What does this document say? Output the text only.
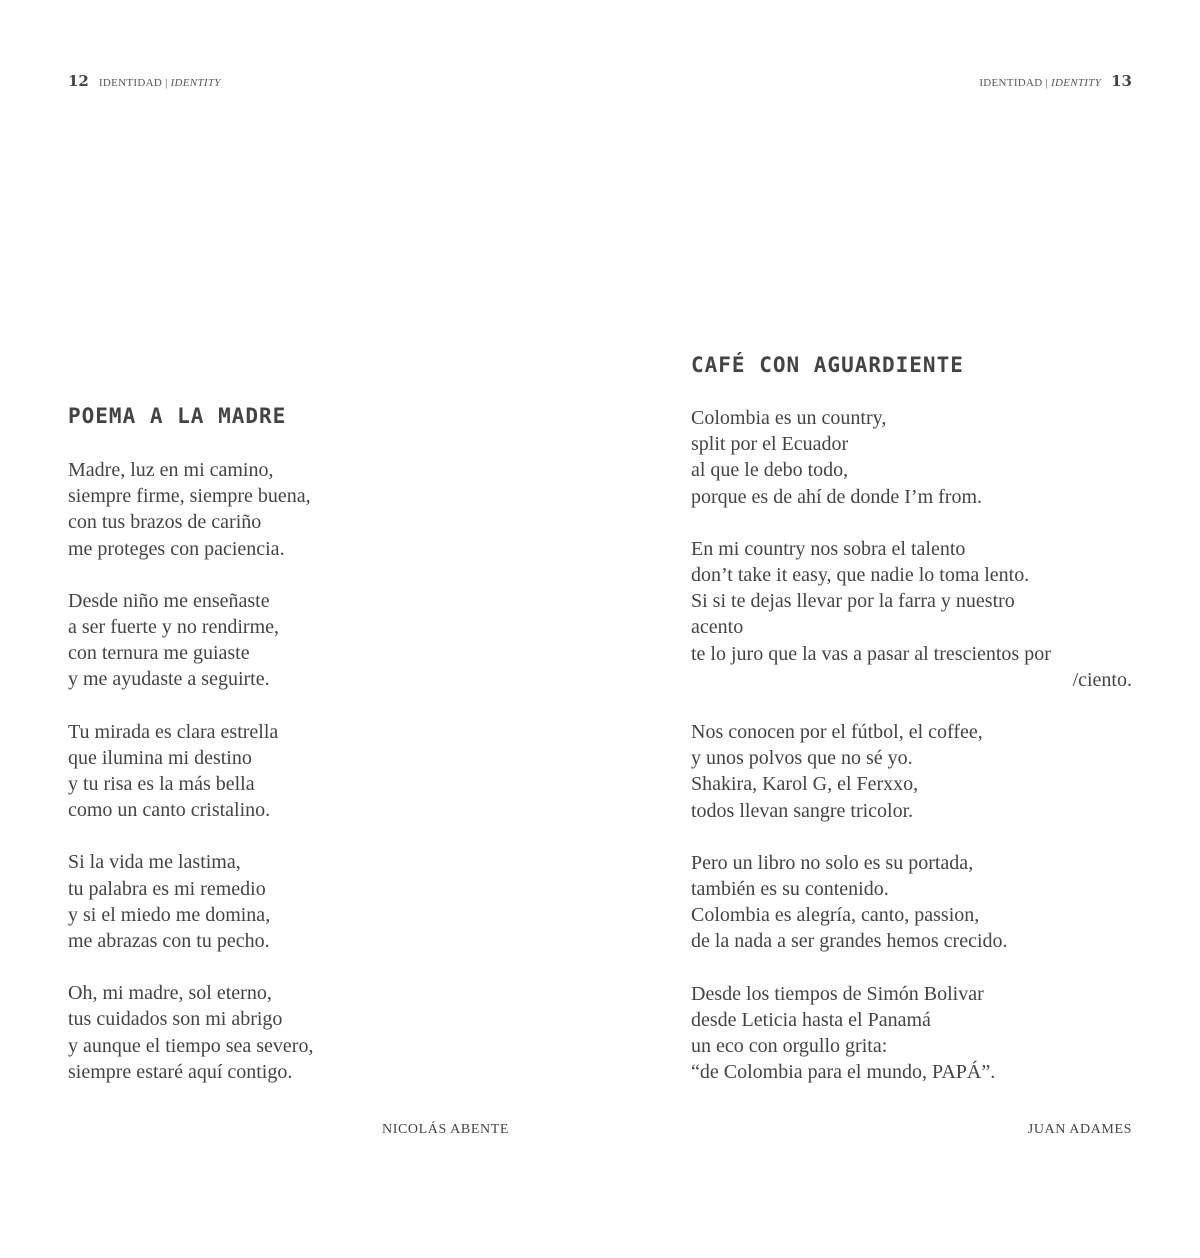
12 IDENTIDAD | IDENTITY
POEMA A LA MADRE
Madre, luz en mi camino,
siempre firme, siempre buena,
con tus brazos de cariño
me proteges con paciencia.
Desde niño me enseñaste
a ser fuerte y no rendirme,
con ternura me guiaste
y me ayudaste a seguirte.
Tu mirada es clara estrella
que ilumina mi destino
y tu risa es la más bella
como un canto cristalino.
Si la vida me lastima,
tu palabra es mi remedio
y si el miedo me domina,
me abrazas con tu pecho.
Oh, mi madre, sol eterno,
tus cuidados son mi abrigo
y aunque el tiempo sea severo,
siempre estaré aquí contigo.
NICOLÁS ABENTE
IDENTIDAD | IDENTITY 13
CAFÉ CON AGUARDIENTE
Colombia es un country,
split por el Ecuador
al que le debo todo,
porque es de ahí de donde I’m from.
En mi country nos sobra el talento
don’t take it easy, que nadie lo toma lento.
Si si te dejas llevar por la farra y nuestro
acento
te lo juro que la vas a pasar al trescientos por
/ciento.
Nos conocen por el fútbol, el coffee,
y unos polvos que no sé yo.
Shakira, Karol G, el Ferxxo,
todos llevan sangre tricolor.
Pero un libro no solo es su portada,
también es su contenido.
Colombia es alegría, canto, passion,
de la nada a ser grandes hemos crecido.
Desde los tiempos de Simón Bolivar
desde Leticia hasta el Panamá
un eco con orgullo grita:
“de Colombia para el mundo, PAPÁ”.
JUAN ADAMES
